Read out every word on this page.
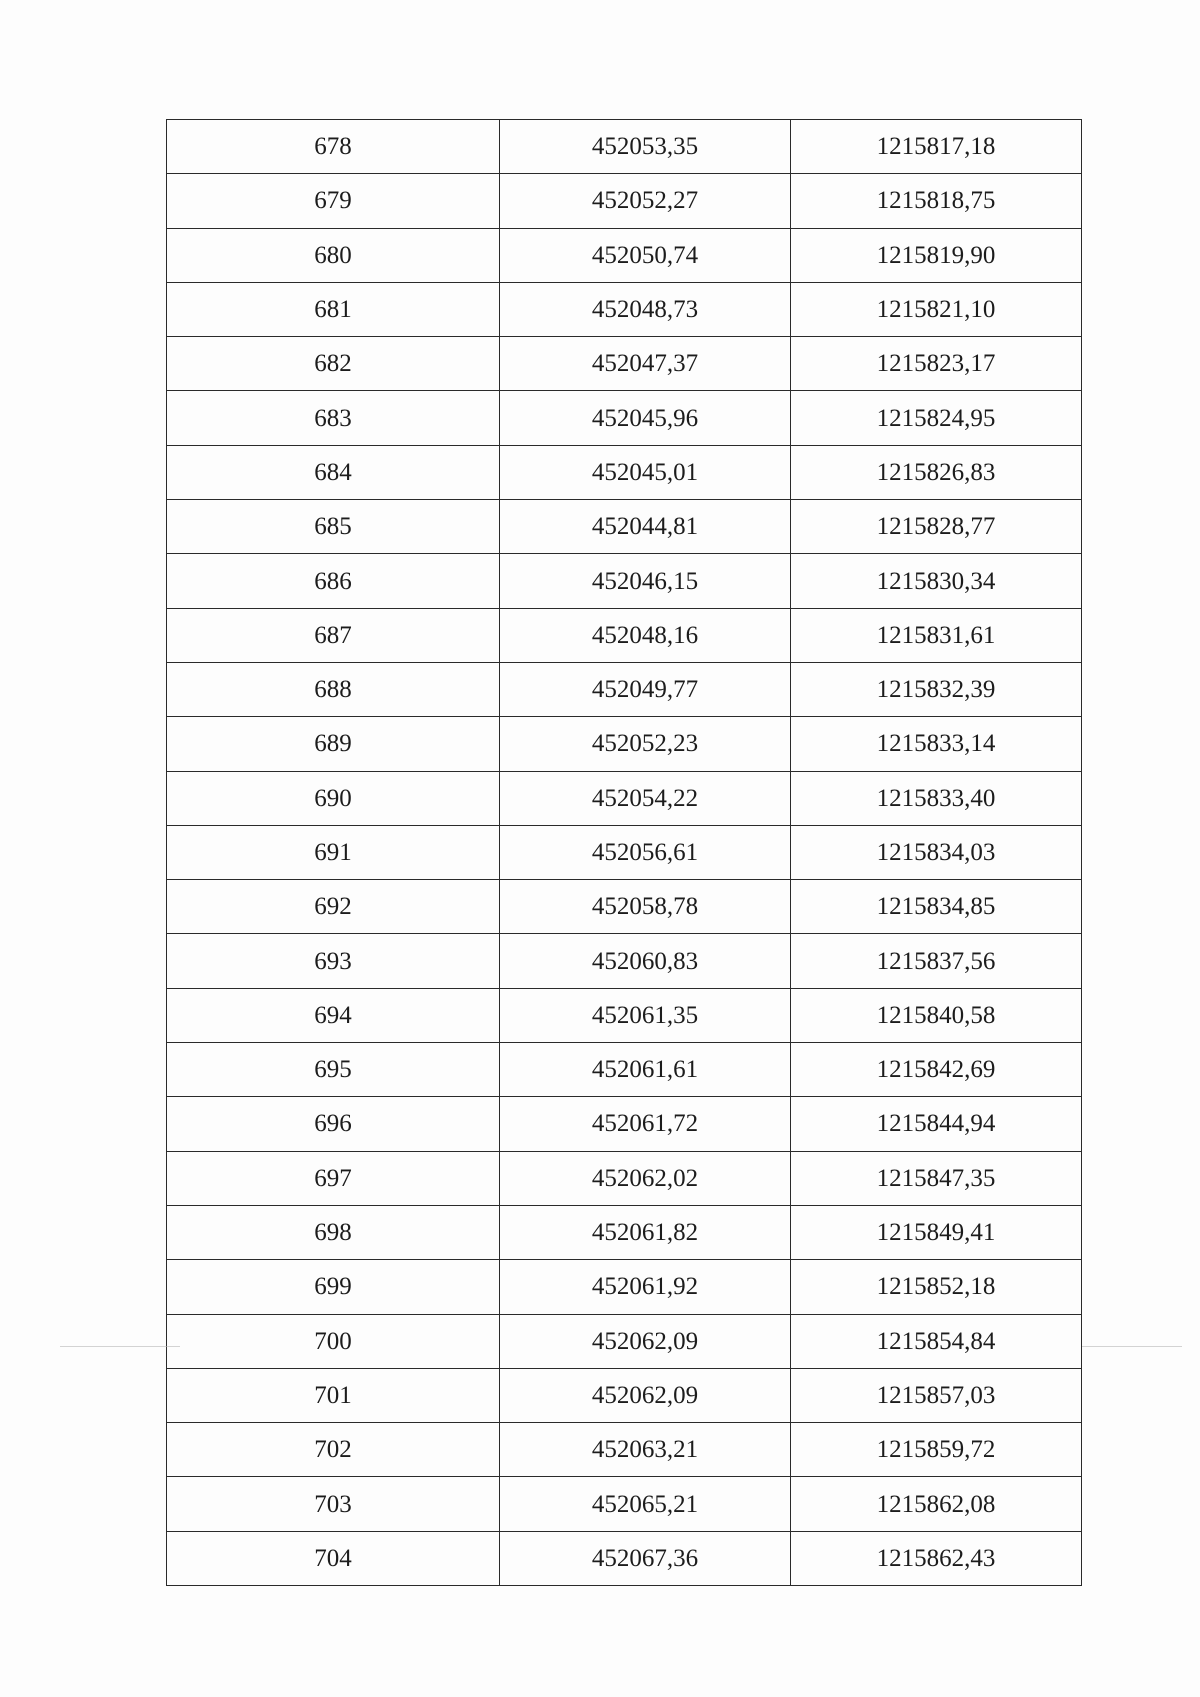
678	452053,35	1215817,18
679	452052,27	1215818,75
680	452050,74	1215819,90
681	452048,73	1215821,10
682	452047,37	1215823,17
683	452045,96	1215824,95
684	452045,01	1215826,83
685	452044,81	1215828,77
686	452046,15	1215830,34
687	452048,16	1215831,61
688	452049,77	1215832,39
689	452052,23	1215833,14
690	452054,22	1215833,40
691	452056,61	1215834,03
692	452058,78	1215834,85
693	452060,83	1215837,56
694	452061,35	1215840,58
695	452061,61	1215842,69
696	452061,72	1215844,94
697	452062,02	1215847,35
698	452061,82	1215849,41
699	452061,92	1215852,18
700	452062,09	1215854,84
701	452062,09	1215857,03
702	452063,21	1215859,72
703	452065,21	1215862,08
704	452067,36	1215862,43
